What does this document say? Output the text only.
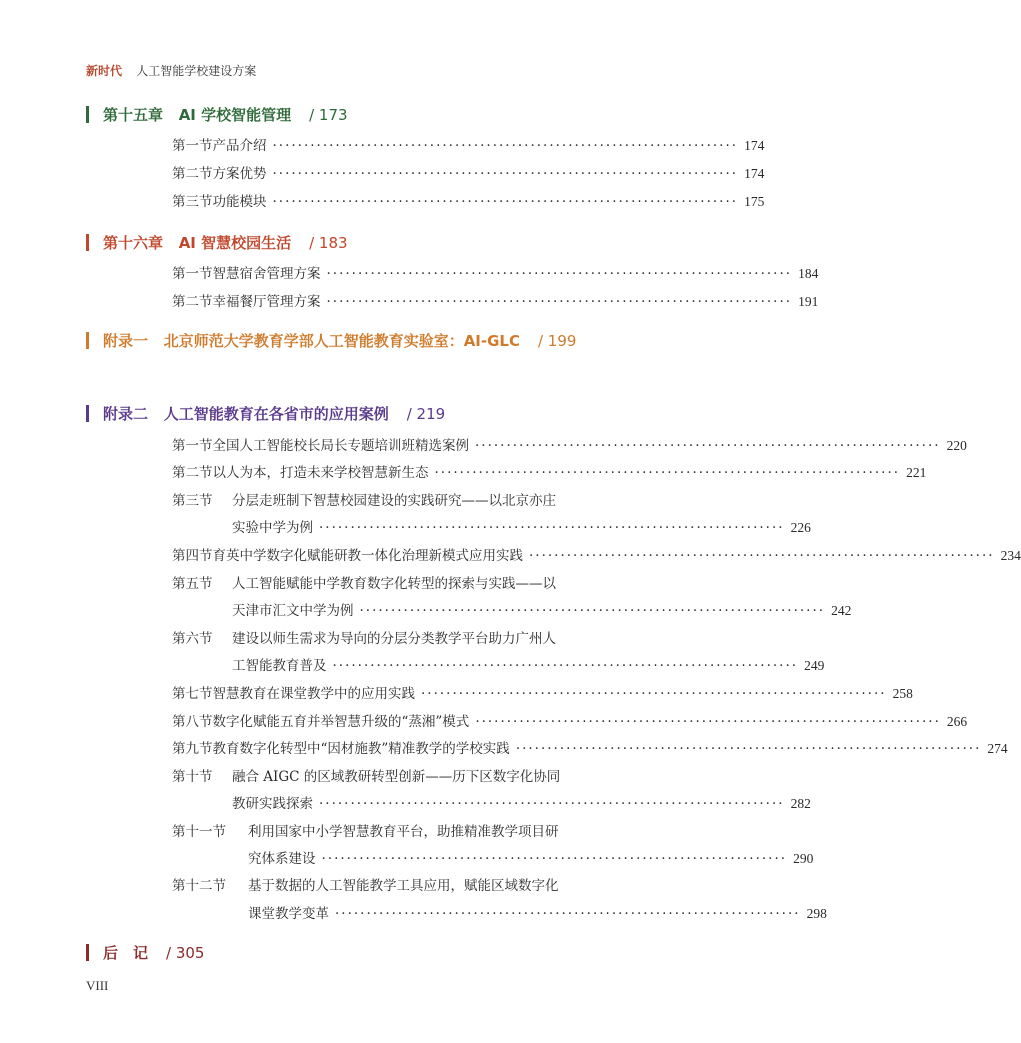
新时代 人工智能学校建设方案
第十五章 AI 学校智能管理 / 173
第一节 产品介绍 ·········································································· 174
第二节 方案优势 ·········································································· 174
第三节 功能模块 ·········································································· 175
第十六章 AI 智慧校园生活 / 183
第一节 智慧宿舍管理方案 ·········································································· 184
第二节 幸福餐厅管理方案 ·········································································· 191
附录一 北京师范大学教育学部人工智能教育实验室：AI-GLC / 199
附录二 人工智能教育在各省市的应用案例 / 219
第一节 全国人工智能校长局长专题培训班精选案例 ·········································································· 220
第二节 以人为本，打造未来学校智慧新生态 ·········································································· 221
第三节 分层走班制下智慧校园建设的实践研究——以北京亦庄
实验中学为例 ·········································································· 226
第四节 育英中学数字化赋能研教一体化治理新模式应用实践 ·········································································· 234
第五节 人工智能赋能中学教育数字化转型的探索与实践——以
天津市汇文中学为例 ·········································································· 242
第六节 建设以师生需求为导向的分层分类教学平台助力广州人
工智能教育普及 ·········································································· 249
第七节 智慧教育在课堂教学中的应用实践 ·········································································· 258
第八节 数字化赋能五育并举智慧升级的“蒸湘”模式 ·········································································· 266
第九节 教育数字化转型中“因材施教”精准教学的学校实践 ·········································································· 274
第十节 融合 AIGC 的区域教研转型创新——历下区数字化协同
教研实践探索 ·········································································· 282
第十一节 利用国家中小学智慧教育平台，助推精准教学项目研
究体系建设 ·········································································· 290
第十二节 基于数据的人工智能教学工具应用，赋能区域数字化
课堂教学变革 ·········································································· 298
后　记 / 305
VIII
